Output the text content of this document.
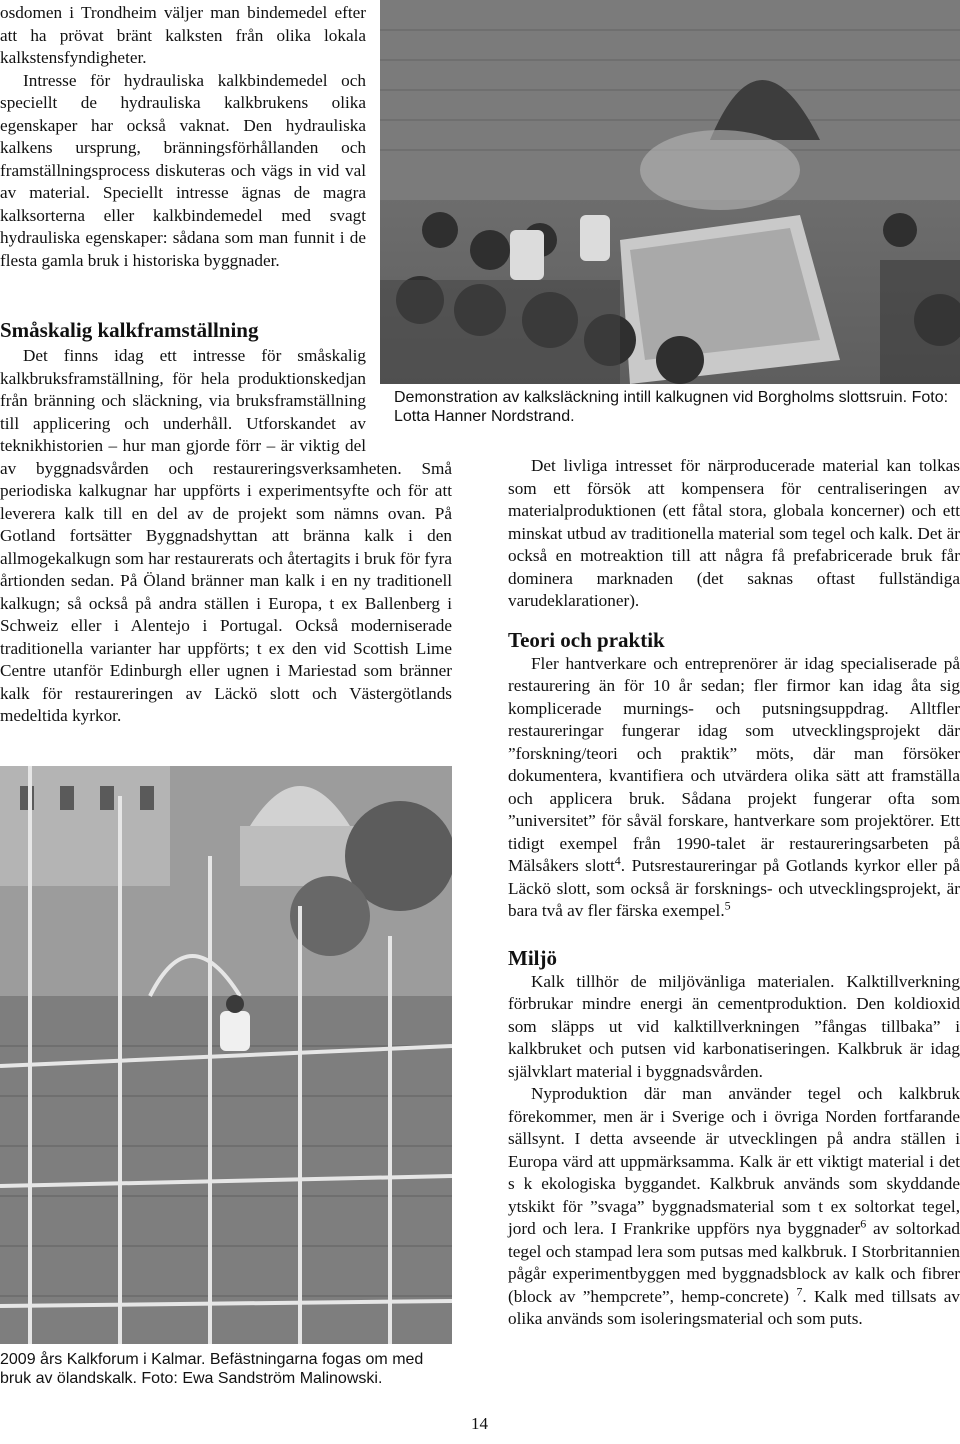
osdomen i Trondheim väljer man bindemedel efter att ha prövat bränt kalksten från olika lokala kalkstensfyndigheter.

Intresse för hydrauliska kalkbindemedel och speciellt de hydrauliska kalkbrukens olika egenskaper har också vaknat. Den hydrauliska kalkens ursprung, bränningsförhållanden och framställningsprocess diskuteras och vägs in vid val av material. Speciellt intresse ägnas de magra kalksorterna eller kalkbindemedel med svagt hydrauliska egenskaper: sådana som man funnit i de flesta gamla bruk i historiska byggnader.

Demonstration av kalksläckning intill kalkugnen vid Borgholms slottsruin. Foto: Lotta Hanner Nordstrand.

Småskalig kalkframställning

Det finns idag ett intresse för småskalig kalkbruksframställning, för hela produktionskedjan från bränning och släckning, via bruksframställning till applicering och underhåll. Utforskandet av teknikhistorien – hur man gjorde förr – är viktig del av byggnadsvården och restaureringsverksamheten. Små periodiska kalkugnar har uppförts i experimentsyfte och för att leverera kalk till en del av de projekt som nämns ovan. På Gotland fortsätter Byggnadshyttan att bränna kalk i den allmogekalkugn som har restaurerats och återtagits i bruk för fyra årtionden sedan. På Öland bränner man kalk i en ny traditionell kalkugn; så också på andra ställen i Europa, t ex Ballenberg i Schweiz eller i Alentejo i Portugal. Också moderniserade traditionella varianter har uppförts; t ex den vid Scottish Lime Centre utanför Edinburgh eller ugnen i Mariestad som bränner kalk för restaureringen av Läckö slott och Västergötlands medeltida kyrkor.

2009 års Kalkforum i Kalmar. Befästningarna fogas om med bruk av ölandskalk. Foto: Ewa Sandström Malinowski.

Det livliga intresset för närproducerade material kan tolkas som ett försök att kompensera för centraliseringen av materialproduktionen (ett fåtal stora, globala koncerner) och ett minskat utbud av traditionella material som tegel och kalk. Det är också en motreaktion till att några få prefabricerade bruk får dominera marknaden (det saknas oftast fullständiga varudeklarationer).

Teori och praktik

Fler hantverkare och entreprenörer är idag specialiserade på restaurering än för 10 år sedan; fler firmor kan idag åta sig komplicerade murnings- och putsningsuppdrag. Alltfler restaureringar fungerar idag som utvecklingsprojekt där ”forskning/teori och praktik” möts, där man försöker dokumentera, kvantifiera och utvärdera olika sätt att framställa och applicera bruk. Sådana projekt fungerar ofta som ”universitet” för såväl forskare, hantverkare som projektörer. Ett tidigt exempel från 1990-talet är restaureringsarbeten på Mälsåkers slott$^4$. Putsrestaureringar på Gotlands kyrkor eller på Läckö slott, som också är forsknings- och utvecklingsprojekt, är bara två av fler färska exempel.$^5$

Miljö

Kalk tillhör de miljövänliga materialen. Kalktillverkning förbrukar mindre energi än cementproduktion. Den koldioxid som släpps ut vid kalktillverkningen ”fångas tillbaka” i kalkbruket och putsen vid karbonatiseringen. Kalkbruk är idag självklart material i byggnadsvården.

Nyproduktion där man använder tegel och kalkbruk förekommer, men är i Sverige och i övriga Norden fortfarande sällsynt. I detta avseende är utvecklingen på andra ställen i Europa värd att uppmärksamma. Kalk är ett viktigt material i det s k ekologiska byggandet. Kalkbruk används som skyddande ytskikt för ”svaga” byggnadsmaterial som t ex soltorkat tegel, jord och lera. I Frankrike uppförs nya byggnader$^6$ av soltorkad tegel och stampad lera som putsas med kalkbruk. I Storbritannien pågår experimentbyggen med byggnadsblock av kalk och fibrer (block av ”hempcrete”, hemp-concrete) $^7$. Kalk med tillsats av olika används som isoleringsmaterial och som puts.

14
